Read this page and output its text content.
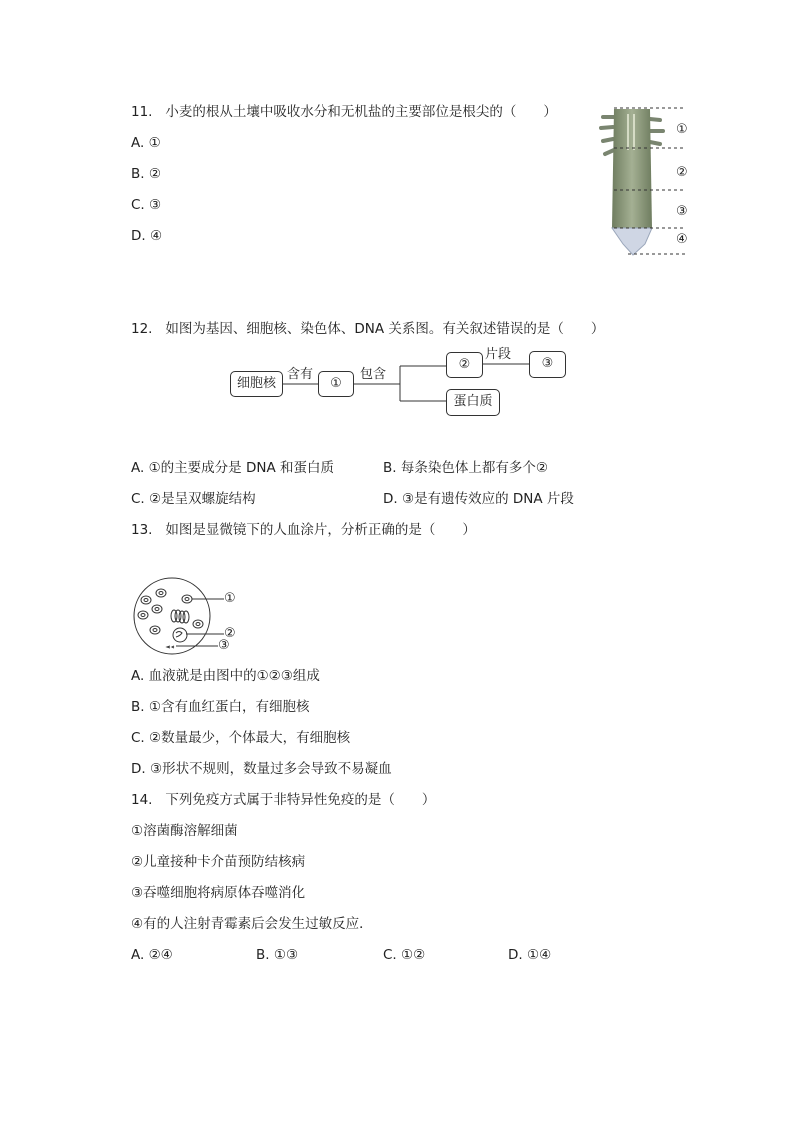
11.   小麦的根从土壤中吸收水分和无机盐的主要部位是根尖的（　　）
A. ①
B. ②
C. ③
D. ④
①
②
③
④
12.   如图为基因、细胞核、染色体、DNA 关系图。有关叙述错误的是（　　）
细胞核
含有
①
包含
②
片段
③
蛋白质
A. ①的主要成分是 DNA 和蛋白质	B. 每条染色体上都有多个②
C. ②是呈双螺旋结构	D. ③是有遗传效应的 DNA 片段
13.   如图是显微镜下的人血涂片，分析正确的是（　　）
①
②
③
A. 血液就是由图中的①②③组成
B. ①含有血红蛋白，有细胞核
C. ②数量最少，个体最大，有细胞核
D. ③形状不规则，数量过多会导致不易凝血
14.   下列免疫方式属于非特异性免疫的是（　　）
①溶菌酶溶解细菌
②儿童接种卡介苗预防结核病
③吞噬细胞将病原体吞噬消化
④有的人注射青霉素后会发生过敏反应．
A. ②④	B. ①③	C. ①②	D. ①④
